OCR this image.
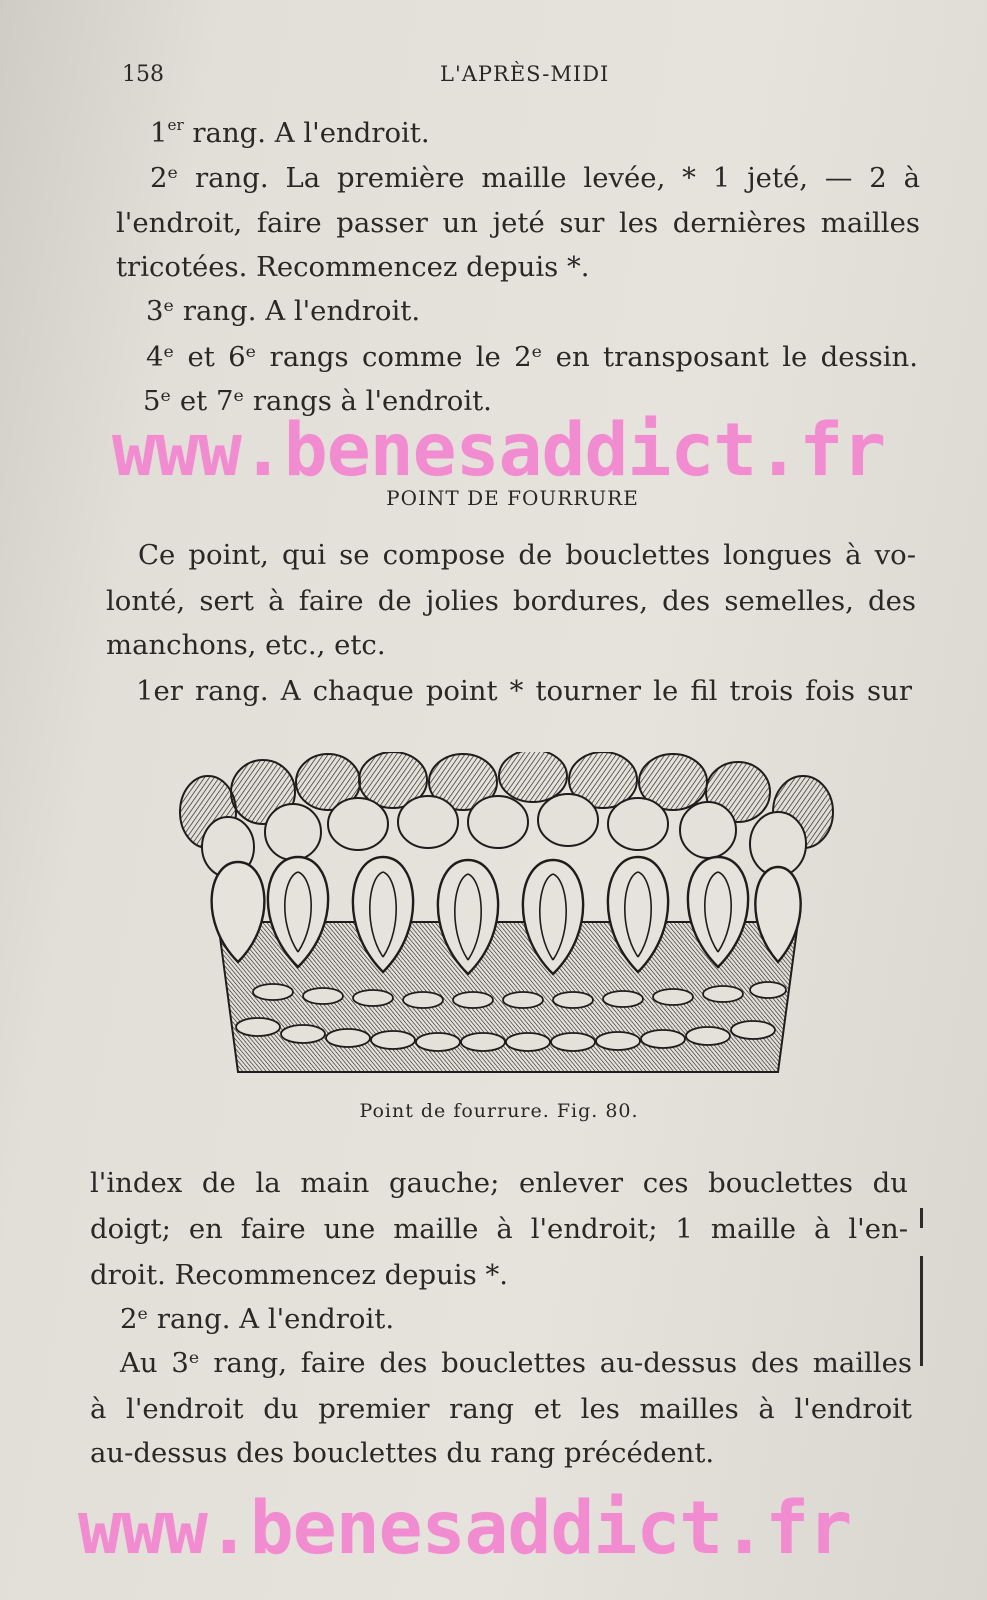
158	L'APRÈS-MIDI
1er rang. A l'endroit.
2ᵉ rang. La première maille levée, * 1 jeté, — 2 à
l'endroit, faire passer un jeté sur les dernières mailles
tricotées. Recommencez depuis *.
3ᵉ rang. A l'endroit.
4ᵉ et 6ᵉ rangs comme le 2ᵉ en transposant le dessin.
5ᵉ et 7ᵉ rangs à l'endroit.
www.benesaddict.fr
POINT DE FOURRURE
Ce point, qui se compose de bouclettes longues à vo-
lonté, sert à faire de jolies bordures, des semelles, des
manchons, etc., etc.
1er rang. A chaque point * tourner le fil trois fois sur
Point de fourrure. Fig. 80.
l'index de la main gauche; enlever ces bouclettes du
doigt; en faire une maille à l'endroit; 1 maille à l'en-
droit. Recommencez depuis *.
2ᵉ rang. A l'endroit.
Au 3ᵉ rang, faire des bouclettes au-dessus des mailles
à l'endroit du premier rang et les mailles à l'endroit
au-dessus des bouclettes du rang précédent.
www.benesaddict.fr
